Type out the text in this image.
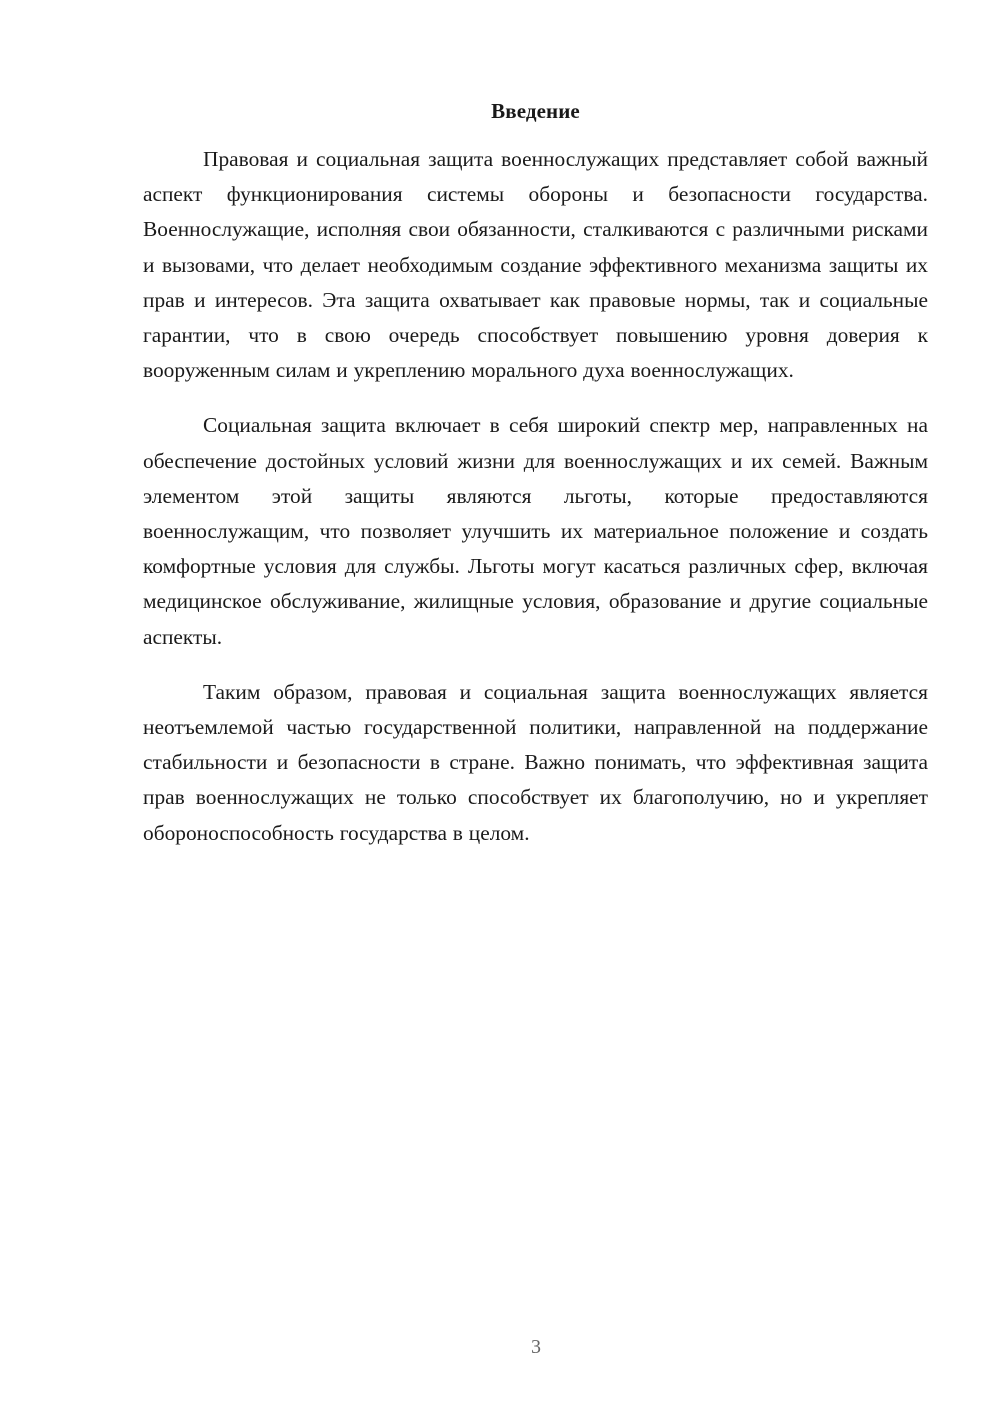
Введение

Правовая и социальная защита военнослужащих представляет собой важный аспект функционирования системы обороны и безопасности государства. Военнослужащие, исполняя свои обязанности, сталкиваются с различными рисками и вызовами, что делает необходимым создание эффективного механизма защиты их прав и интересов. Эта защита охватывает как правовые нормы, так и социальные гарантии, что в свою очередь способствует повышению уровня доверия к вооруженным силам и укреплению морального духа военнослужащих.

Социальная защита включает в себя широкий спектр мер, направленных на обеспечение достойных условий жизни для военнослужащих и их семей. Важным элементом этой защиты являются льготы, которые предоставляются военнослужащим, что позволяет улучшить их материальное положение и создать комфортные условия для службы. Льготы могут касаться различных сфер, включая медицинское обслуживание, жилищные условия, образование и другие социальные аспекты.

Таким образом, правовая и социальная защита военнослужащих является неотъемлемой частью государственной политики, направленной на поддержание стабильности и безопасности в стране. Важно понимать, что эффективная защита прав военнослужащих не только способствует их благополучию, но и укрепляет обороноспособность государства в целом.

3
